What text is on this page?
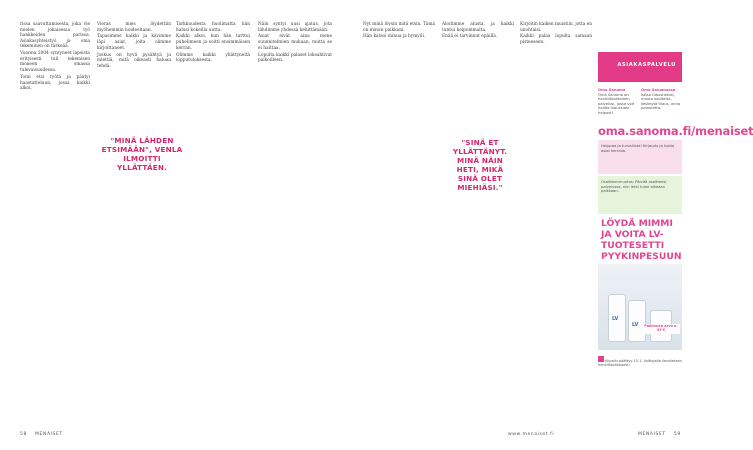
rissa saavuttamisesta, joka vie mielen jokaisessa työ hankkeiden parissa. Asiakasyhteistyö ja oma tekeminen on tärkeää.

Vuonna 2004 syntyneet lapsista erityisesti tuli tekemisen moneen omassa tulevaisuudessa.

Tomi etsi työtä ja päätyi haastatteluun, jossa kaikki alkoi.

Vieras mies löydettiin myöhemmin hoideeltaan.

Tapasimme kaikki ja kävimme läpi asiat, joita olimme kirjoittaneet.

Joskus on hyvä pysähtyä ja miettiä, mitä oikeasti haluaa tehdä.

Tarkkuudesta huolimatta hän halusi kokeilla uutta.

Kaikki alkoi, kun hän tarttui puhelimeen ja soitti ensimmäisen kerran.

Olimme kaikki yllättyneitä lopputuloksesta.

Näin syntyi uusi ajatus, jota lähdimme yhdessä kehittämään.

Asiat eivät aina mene suunnitelmien mukaan, mutta se ei haittaa.

Lopulta kaikki palaset loksahtivat paikoilleen.

"MINÄ LÄHDEN ETSIMÄÄN", VENLA ILMOITTI YLLÄTTÄEN.
58 MENAISET

Nyt minä löysin mitä etsin. Tämä on minun paikkani.

Hän katsoi minua ja hymyili.

Aloitimme alusta, ja kaikki tuntui helpommalta.

Enää ei tarvinnut epäillä.

Kirjoitin kaiken muistiin, jotta en unohtaisi.

Kaikki palaa lopulta samaan pisteeseen.

"SINÄ ET YLLÄTTÄNYT. MINÄ NÄIN HETI, MIKÄ SINÄ OLET MIEHIÄSI."
ASIAKASPALVELU
Oma Sanoma
Oma Sanoma on henkilökohtainen palvelusi, jossa voit hallita tilauksiasi helposti.
Oma Sanomassa
katso tilaustietosi, muuta osoitetta, keskeytä tilaus, anna palautetta.
oma.sanoma.fi/menaiset
Helppoa ja turvallista! Kirjaudu ja hoida asiat kerralla.
Osoitteenmuutos: Päivitä osoitteesi palvelussa, niin lehti tulee oikeaan paikkaan.
LÖYDÄ MIMMI JA VOITA LV-TUOTESETTI PYYKINPESUUN
LV
LV	Palkinnon arvo n. 35 €
Kilpailu päättyy 15.1. Voittajalle ilmoitetaan henkilökohtaisesti.
www.menaiset.fi	MENAISET 59
